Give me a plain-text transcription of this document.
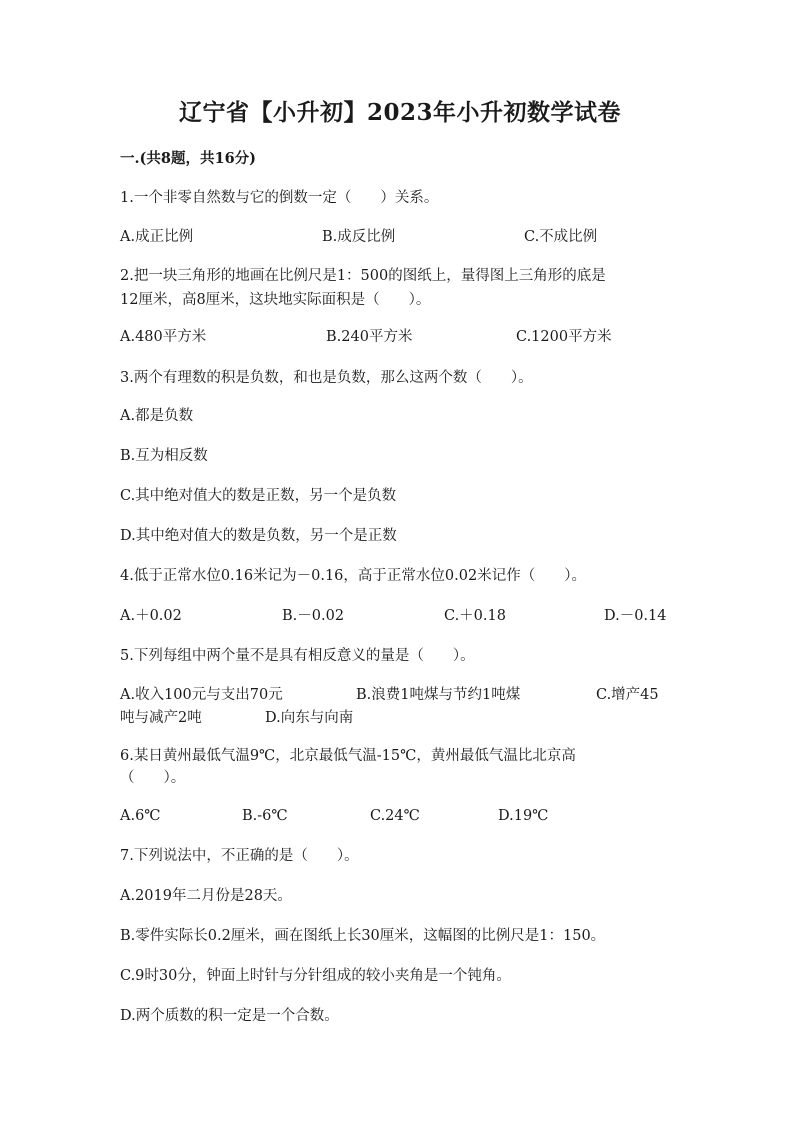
辽宁省【小升初】2023年小升初数学试卷
一.(共8题，共16分)
1.一个非零自然数与它的倒数一定（　　）关系。
A.成正比例	B.成反比例	C.不成比例
2.把一块三角形的地画在比例尺是1：500的图纸上，量得图上三角形的底是
12厘米，高8厘米，这块地实际面积是（　　）。
A.480平方米	B.240平方米	C.1200平方米
3.两个有理数的积是负数，和也是负数，那么这两个数（　　）。
A.都是负数
B.互为相反数
C.其中绝对值大的数是正数，另一个是负数
D.其中绝对值大的数是负数，另一个是正数
4.低于正常水位0.16米记为－0.16，高于正常水位0.02米记作（　　）。
A.＋0.02	B.－0.02	C.＋0.18	D.－0.14
5.下列每组中两个量不是具有相反意义的量是（　　）。
A.收入100元与支出70元	B.浪费1吨煤与节约1吨煤	C.增产45
吨与减产2吨	D.向东与向南
6.某日黄州最低气温9℃，北京最低气温-15℃，黄州最低气温比北京高
（　　）。
A.6℃	B.-6℃	C.24℃	D.19℃
7.下列说法中，不正确的是（　　）。
A.2019年二月份是28天。
B.零件实际长0.2厘米，画在图纸上长30厘米，这幅图的比例尺是1：150。
C.9时30分，钟面上时针与分针组成的较小夹角是一个钝角。
D.两个质数的积一定是一个合数。
